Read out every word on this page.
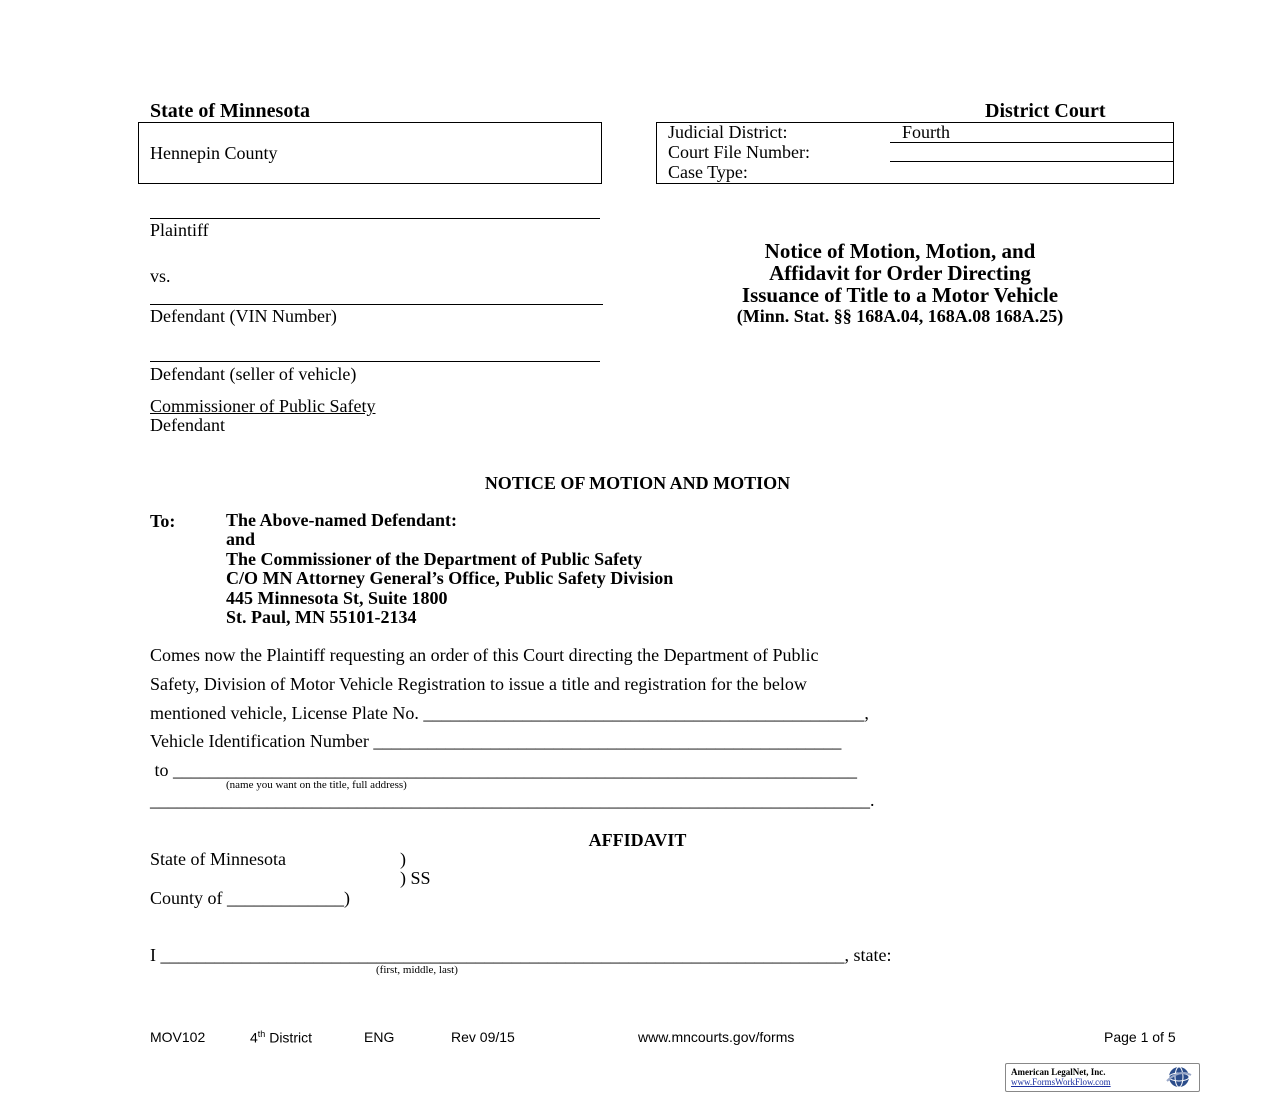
State of Minnesota	District Court
Hennepin County
Judicial District:	Fourth
Court File Number:
Case Type:
Plaintiff
vs.
Defendant (VIN Number)
Defendant (seller of vehicle)
Commissioner of Public Safety
Defendant
Notice of Motion, Motion, and
Affidavit for Order Directing
Issuance of Title to a Motor Vehicle
(Minn. Stat. §§ 168A.04, 168A.08 168A.25)
NOTICE OF MOTION AND MOTION
To:	The Above-named Defendant:
and
The Commissioner of the Department of Public Safety
C/O MN Attorney General’s Office, Public Safety Division
445 Minnesota St, Suite 1800
St. Paul, MN 55101-2134
Comes now the Plaintiff requesting an order of this Court directing the Department of Public
Safety, Division of Motor Vehicle Registration to issue a title and registration for the below
mentioned vehicle, License Plate No. _________________________________________________,
Vehicle Identification Number ____________________________________________________
to ____________________________________________________________________________
(name you want on the title, full address)
________________________________________________________________________________.
AFFIDAVIT
State of Minnesota	)
) SS
County of _____________)
I ____________________________________________________________________________, state:
(first, middle, last)
MOV102	4th District	ENG	Rev 09/15	www.mncourts.gov/forms	Page 1 of 5
American LegalNet, Inc.
www.FormsWorkFlow.com
